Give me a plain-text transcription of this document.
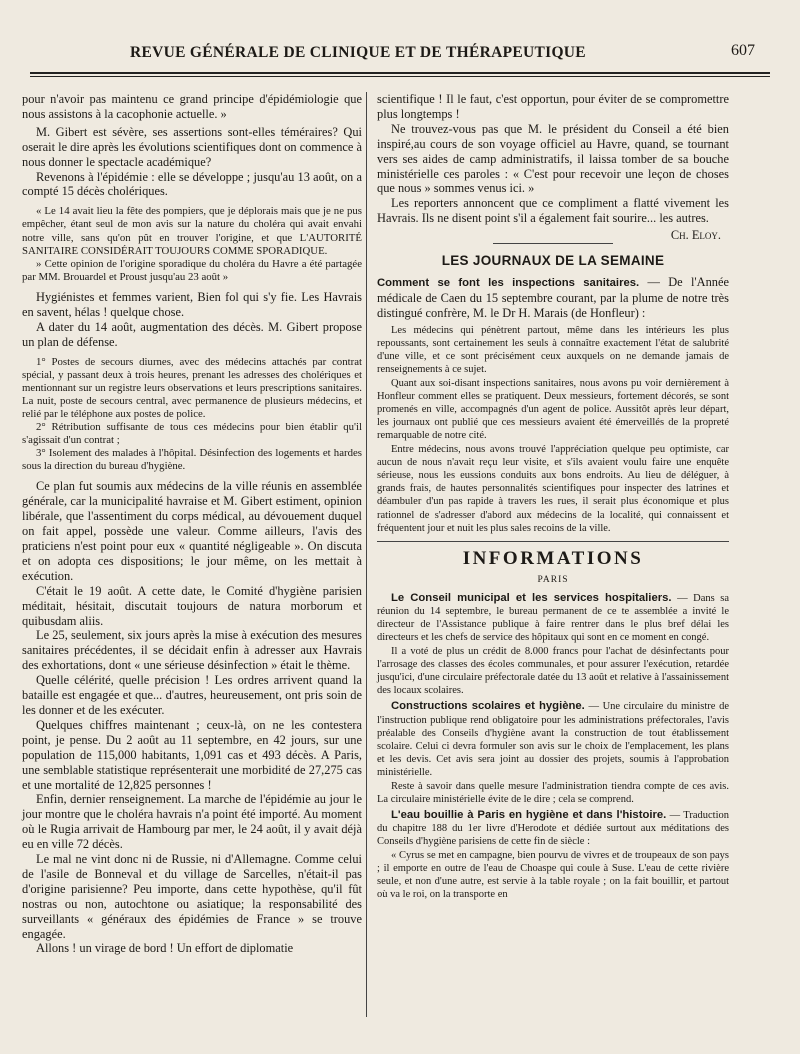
REVUE GÉNÉRALE DE CLINIQUE ET DE THÉRAPEUTIQUE	607

pour n'avoir pas maintenu ce grand principe d'épidémiologie que nous assistons à la cacophonie actuelle. »

M. Gibert est sévère, ses assertions sont-elles téméraires? Qui oserait le dire après les évolutions scientifiques dont on commence à nous donner le spectacle académique?

Revenons à l'épidémie : elle se développe ; jusqu'au 13 août, on a compté 15 décès cholériques.

« Le 14 avait lieu la fête des pompiers, que je déplorais mais que je ne pus empêcher, étant seul de mon avis sur la nature du choléra qui avait envahi notre ville, sans qu'on pût en trouver l'origine, et que L'AUTORITÉ SANITAIRE CONSIDÉRAIT TOUJOURS COMME SPORADIQUE.

» Cette opinion de l'origine sporadique du choléra du Havre a été partagée par MM. Brouardel et Proust jusqu'au 23 août »

Hygiénistes et femmes varient, Bien fol qui s'y fie. Les Havrais en savent, hélas ! quelque chose.

A dater du 14 août, augmentation des décès. M. Gibert propose un plan de défense.

1° Postes de secours diurnes, avec des médecins attachés par contrat spécial, y passant deux à trois heures, prenant les adresses des cholériques et mentionnant sur un registre leurs observations et leurs prescriptions sanitaires. La nuit, poste de secours central, avec permanence de plusieurs médecins, et relié par le téléphone aux postes de police.

2° Rétribution suffisante de tous ces médecins pour bien établir qu'il s'agissait d'un contrat ;

3° Isolement des malades à l'hôpital. Désinfection des logements et hardes sous la direction du bureau d'hygiène.

Ce plan fut soumis aux médecins de la ville réunis en assemblée générale, car la municipalité havraise et M. Gibert estiment, opinion libérale, que l'assentiment du corps médical, au dévouement duquel on fait appel, possède une valeur. Comme ailleurs, l'avis des praticiens n'est point pour eux « quantité négligeable ». On discuta et on adopta ces dispositions; le jour même, on les mettait à exécution.

C'était le 19 août. A cette date, le Comité d'hygiène parisien méditait, hésitait, discutait toujours de natura morborum et quibusdam aliis.

Le 25, seulement, six jours après la mise à exécution des mesures sanitaires précédentes, il se décidait enfin à adresser aux Havrais des exhortations, dont « une sérieuse désinfection » était le thème.

Quelle célérité, quelle précision ! Les ordres arrivent quand la bataille est engagée et que... d'autres, heureusement, ont pris soin de les donner et de les exécuter.

Quelques chiffres maintenant ; ceux-là, on ne les contestera point, je pense. Du 2 août au 11 septembre, en 42 jours, sur une population de 115,000 habitants, 1,091 cas et 493 décès. A Paris, une semblable statistique représenterait une morbidité de 27,275 cas et une mortalité de 12,825 personnes !

Enfin, dernier renseignement. La marche de l'épidémie au jour le jour montre que le choléra havrais n'a point été importé. Au moment où le Rugia arrivait de Hambourg par mer, le 24 août, il y avait déjà eu en ville 72 décès.

Le mal ne vint donc ni de Russie, ni d'Allemagne. Comme celui de l'asile de Bonneval et du village de Sarcelles, n'était-il pas d'origine parisienne? Peu importe, dans cette hypothèse, qu'il fût nostras ou non, autochtone ou asiatique; la responsabilité des surveillants « généraux des épidémies de France » se trouve engagée.

Allons ! un virage de bord ! Un effort de diplomatie

scientifique ! Il le faut, c'est opportun, pour éviter de se compromettre plus longtemps !

Ne trouvez-vous pas que M. le président du Conseil a été bien inspiré,au cours de son voyage officiel au Havre, quand, se tournant vers ses aides de camp administratifs, il laissa tomber de sa bouche ministérielle ces paroles : « C'est pour recevoir une leçon de choses que nous » sommes venus ici. »

Les reporters annoncent que ce compliment a flatté vivement les Havrais. Ils ne disent point s'il a également fait sourire... les autres.

Ch. Eloy.
LES JOURNAUX DE LA SEMAINE

Comment se font les inspections sanitaires. — De l'Année médicale de Caen du 15 septembre courant, par la plume de notre très distingué confrère, M. le Dr H. Marais (de Honfleur) :

Les médecins qui pénètrent partout, même dans les intérieurs les plus repoussants, sont certainement les seuls à connaître exactement l'état de salubrité d'une ville, et ce sont précisément ceux auxquels on ne demande jamais de renseignements à ce sujet.

Quant aux soi-disant inspections sanitaires, nous avons pu voir dernièrement à Honfleur comment elles se pratiquent. Deux messieurs, fortement décorés, se sont promenés en ville, accompagnés d'un agent de police. Aussitôt après leur départ, les journaux ont publié que ces messieurs avaient été émerveillés de la propreté remarquable de notre cité.

Entre médecins, nous avons trouvé l'appréciation quelque peu optimiste, car aucun de nous n'avait reçu leur visite, et s'ils avaient voulu faire une enquête sérieuse, nous les eussions conduits aux bons endroits. Au lieu de déléguer, à grands frais, de hautes personnalités scientifiques pour inspecter des latrines et déambuler d'un pas rapide à travers les rues, il serait plus économique et plus rationnel de s'adresser d'abord aux médecins de la localité, qui connaissent et fréquentent jour et nuit les plus sales recoins de la ville.

INFORMATIONS
PARIS

Le Conseil municipal et les services hospitaliers. — Dans sa réunion du 14 septembre, le bureau permanent de ce te assemblée a invité le directeur de l'Assistance publique à faire rentrer dans le plus bref délai les directeurs et les chefs de service des hôpitaux qui sont en ce moment en congé.

Il a voté de plus un crédit de 8.000 francs pour l'achat de désinfectants pour l'arrosage des classes des écoles communales, et pour assurer l'exécution, retardée jusqu'ici, d'une circulaire préfectorale datée du 13 août et relative à l'assainissement des locaux scolaires.

Constructions scolaires et hygiène. — Une circulaire du ministre de l'instruction publique rend obligatoire pour les administrations préfectorales, l'avis préalable des Conseils d'hygiène avant la construction de tout établissement scolaire. Celui ci devra formuler son avis sur le choix de l'emplacement, les plans et les devis. Cet avis sera joint au dossier des projets, soumis à l'approbation ministérielle.

Reste à savoir dans quelle mesure l'administration tiendra compte de ces avis. La circulaire ministérielle évite de le dire ; cela se comprend.

L'eau bouillie à Paris en hygiène et dans l'histoire. — Traduction du chapitre 188 du 1er livre d'Herodote et dédiée surtout aux méditations des Conseils d'hygiène parisiens de cette fin de siècle :

« Cyrus se met en campagne, bien pourvu de vivres et de troupeaux de son pays ; il emporte en outre de l'eau de Choaspe qui coule à Suse. L'eau de cette rivière seule, et non d'une autre, est servie à la table royale ; on la fait bouillir, et partout où va le roi, on la transporte en
